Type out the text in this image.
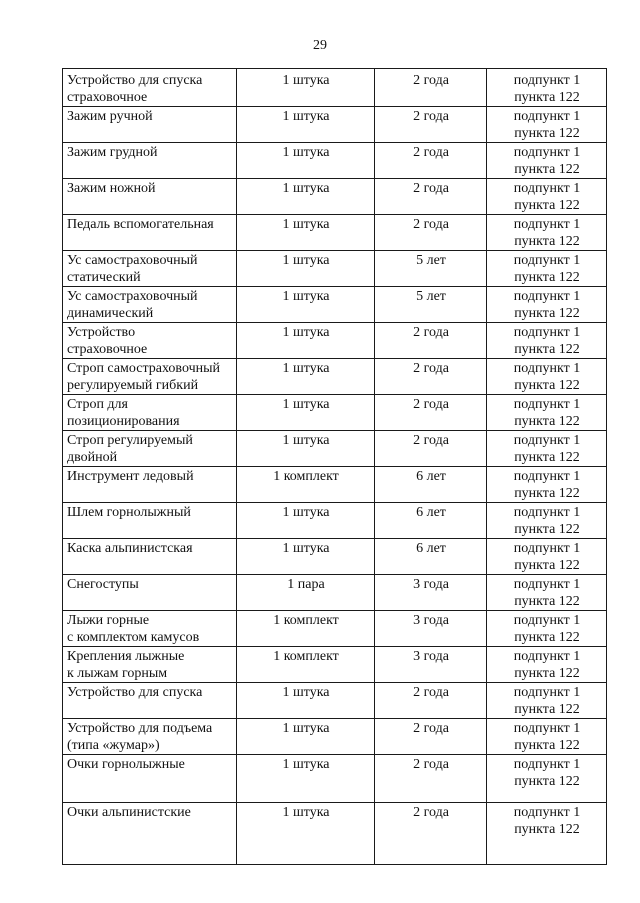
29
Устройство для спуска
страховочное	1 штука	2 года	подпункт 1
пункта 122

Зажим ручной	1 штука	2 года	подпункт 1
пункта 122

Зажим грудной	1 штука	2 года	подпункт 1
пункта 122

Зажим ножной	1 штука	2 года	подпункт 1
пункта 122

Педаль вспомогательная	1 штука	2 года	подпункт 1
пункта 122

Ус самостраховочный
статический	1 штука	5 лет	подпункт 1
пункта 122

Ус самостраховочный
динамический	1 штука	5 лет	подпункт 1
пункта 122

Устройство
страховочное	1 штука	2 года	подпункт 1
пункта 122

Строп самостраховочный
регулируемый гибкий	1 штука	2 года	подпункт 1
пункта 122

Строп для
позиционирования	1 штука	2 года	подпункт 1
пункта 122

Строп регулируемый
двойной	1 штука	2 года	подпункт 1
пункта 122

Инструмент ледовый	1 комплект	6 лет	подпункт 1
пункта 122

Шлем горнолыжный	1 штука	6 лет	подпункт 1
пункта 122

Каска альпинистская	1 штука	6 лет	подпункт 1
пункта 122

Снегоступы	1 пара	3 года	подпункт 1
пункта 122

Лыжи горные
с комплектом камусов	1 комплект	3 года	подпункт 1
пункта 122

Крепления лыжные
к лыжам горным	1 комплект	3 года	подпункт 1
пункта 122

Устройство для спуска	1 штука	2 года	подпункт 1
пункта 122

Устройство для подъема
(типа «жумар»)	1 штука	2 года	подпункт 1
пункта 122

Очки горнолыжные	1 штука	2 года	подпункт 1
пункта 122

Очки альпинистские	1 штука	2 года	подпункт 1
пункта 122
